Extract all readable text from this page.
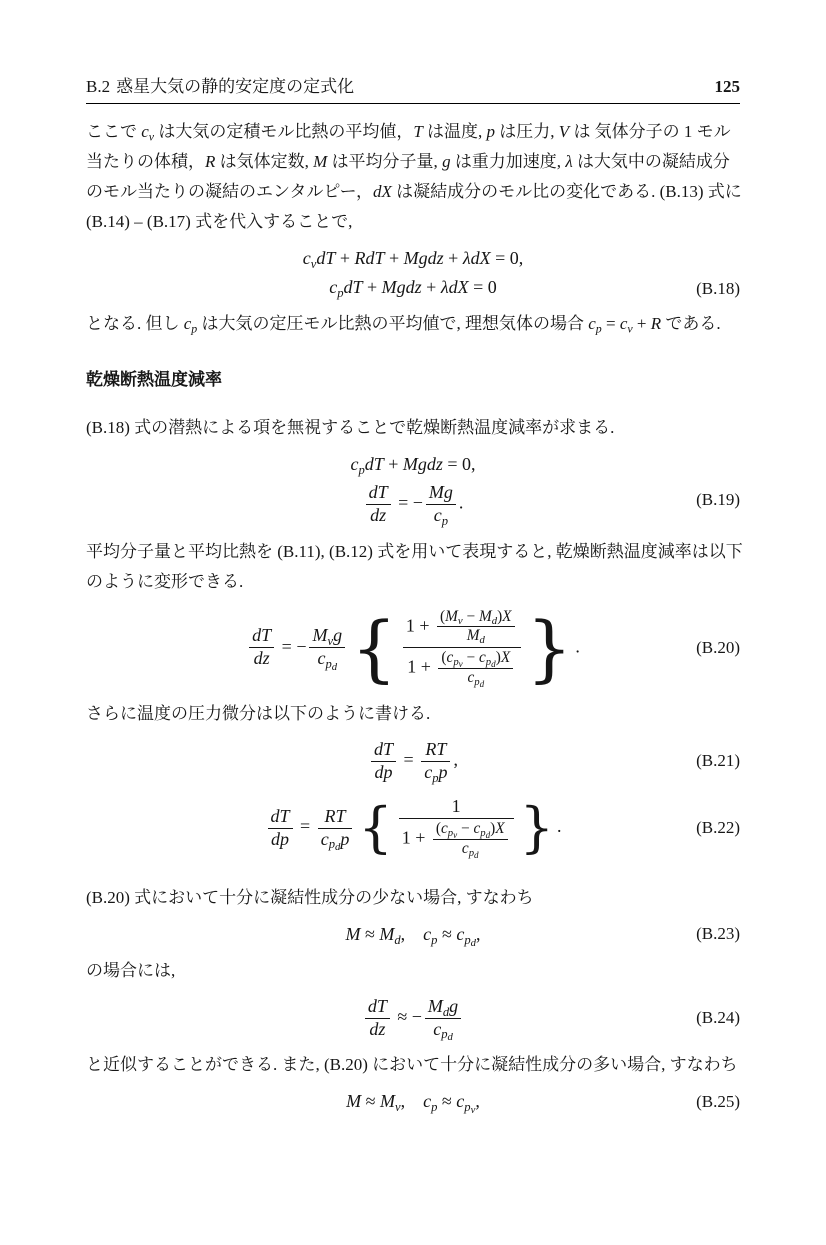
B.2 惑星大気の静的安定度の定式化	125
ここで $c_v$ は大気の定積モル比熱の平均値，T は温度, p は圧力, V は 気体分子の 1 モル
当たりの体積，R は気体定数, M は平均分子量, g は重力加速度, λ は大気中の凝結成分
のモル当たりの凝結のエンタルピー，dX は凝結成分のモル比の変化である. (B.13) 式に
(B.14) – (B.17) 式を代入することで,
$c_vdT$ + RdT + Mgdz + λdX = 0,
$c_pdT$ + Mgdz + λdX = 0	(B.18)
となる. 但し $c_p$ は大気の定圧モル比熱の平均値で, 理想気体の場合 $c_p = c_v + R$ である.
乾燥断熱温度減率
(B.18) 式の潜熱による項を無視することで乾燥断熱温度減率が求まる.
$c_pdT$ + Mgdz = 0,
$\frac{dT}{dz}$ = − $\frac{Mg}{c_p}$ .	(B.19)
平均分子量と平均比熱を (B.11), (B.12) 式を用いて表現すると, 乾燥断熱温度減率は以下
のように変形できる.
$\frac{dT}{dz}$ = − $\frac{M_vg}{c_{p_d}}$ { $\frac{1 + \frac{(M_v - M_d)X}{M_d}}{1 + \frac{(c_{p_v} - c_{p_d})X}{c_{p_d}}}$ } .	(B.20)
さらに温度の圧力微分は以下のように書ける.
$\frac{dT}{dp} = \frac{RT}{c_pp}$ ,	(B.21)
$\frac{dT}{dp} = \frac{RT}{c_{p_d}p}$ { $\frac{1}{1 + \frac{(c_{p_v} - c_{p_d})X}{c_{p_d}}}$ } .	(B.22)
(B.20) 式において十分に凝結性成分の少ない場合, すなわち
$M \approx M_d$, $c_p \approx c_{p_d}$,	(B.23)
の場合には,
$\frac{dT}{dz}$ ≈ − $\frac{M_dg}{c_{p_d}}$	(B.24)
と近似することができる. また, (B.20) において十分に凝結性成分の多い場合, すなわち
$M \approx M_v$, $c_p \approx c_{p_v}$,	(B.25)
